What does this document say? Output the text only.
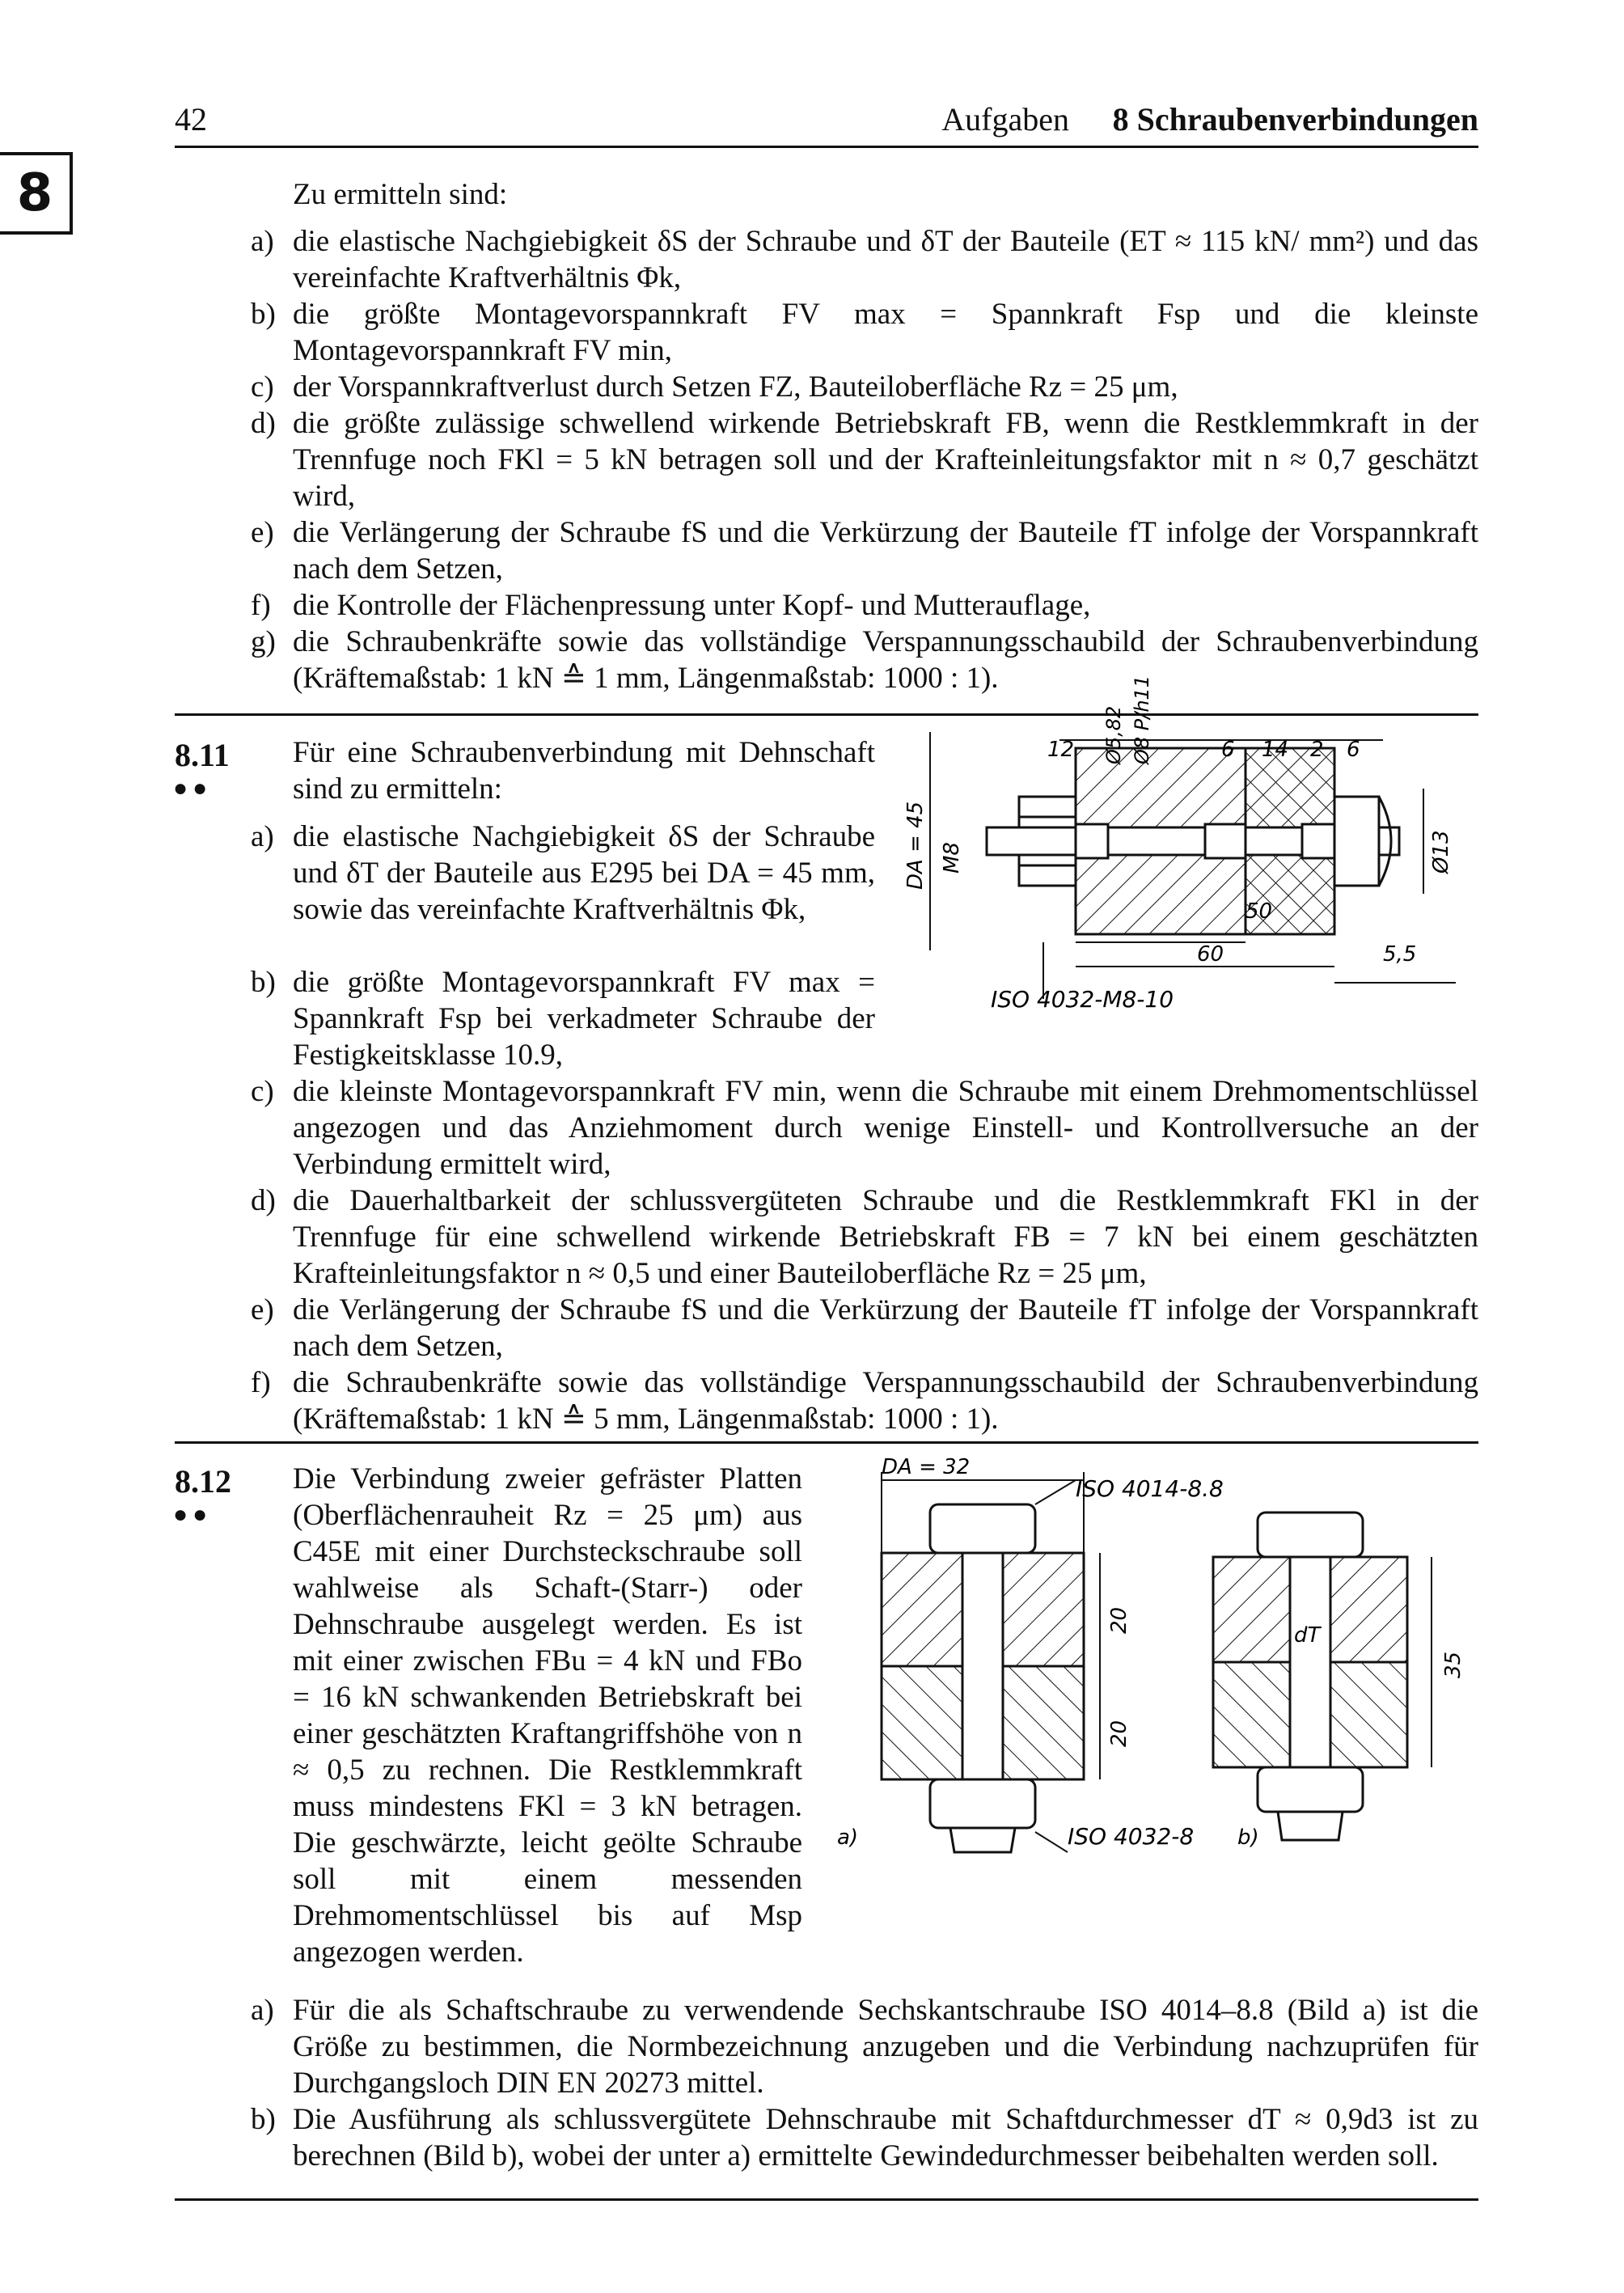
42	Aufgaben 8 Schraubenverbindungen
8	Zu ermitteln sind:
a) die elastische Nachgiebigkeit δS der Schraube und δT der Bauteile (ET ≈ 115 kN/ mm²) und das vereinfachte Kraftverhältnis Φk,
b) die größte Montagevorspannkraft FV max = Spannkraft Fsp und die kleinste Montagevorspannkraft FV min,
c) der Vorspannkraftverlust durch Setzen FZ, Bauteiloberfläche Rz = 25 μm,
d) die größte zulässige schwellend wirkende Betriebskraft FB, wenn die Restklemmkraft in der Trennfuge noch FKl = 5 kN betragen soll und der Krafteinleitungsfaktor mit n ≈ 0,7 geschätzt wird,
e) die Verlängerung der Schraube fS und die Verkürzung der Bauteile fT infolge der Vorspannkraft nach dem Setzen,
f) die Kontrolle der Flächenpressung unter Kopf- und Mutterauflage,
g) die Schraubenkräfte sowie das vollständige Verspannungsschaubild der Schraubenverbindung (Kräftemaßstab: 1 kN ≙ 1 mm, Längenmaßstab: 1000 : 1).
8.11
●●
Für eine Schraubenverbindung mit Dehnschaft sind zu ermitteln:
a) die elastische Nachgiebigkeit δS der Schraube und δT der Bauteile aus E295 bei DA = 45 mm, sowie das vereinfachte Kraftverhältnis Φk,
b) die größte Montagevorspannkraft FV max = Spannkraft Fsp bei verkadmeter Schraube der Festigkeitsklasse 10.9,
c) die kleinste Montagevorspannkraft FV min, wenn die Schraube mit einem Drehmomentschlüssel angezogen und das Anziehmoment durch wenige Einstell- und Kontrollversuche an der Verbindung ermittelt wird,
d) die Dauerhaltbarkeit der schlussvergüteten Schraube und die Restklemmkraft FKl in der Trennfuge für eine schwellend wirkende Betriebskraft FB = 7 kN bei einem geschätzten Krafteinleitungsfaktor n ≈ 0,5 und einer Bauteiloberfläche Rz = 25 μm,
e) die Verlängerung der Schraube fS und die Verkürzung der Bauteile fT infolge der Vorspannkraft nach dem Setzen,
f) die Schraubenkräfte sowie das vollständige Verspannungsschaubild der Schraubenverbindung (Kräftemaßstab: 1 kN ≙ 5 mm, Längenmaßstab: 1000 : 1).
12 Ø5,82 Ø8 P/h11	6 14 2 6
DA = 45 M8	Ø13
50
60	5,5
ISO 4032-M8-10
8.12
●●
Die Verbindung zweier gefräster Platten (Oberflächenrauheit Rz = 25 μm) aus C45E mit einer Durchsteckschraube soll wahlweise als Schaft-(Starr-) oder Dehnschraube ausgelegt werden. Es ist mit einer zwischen FBu = 4 kN und FBo = 16 kN schwankenden Betriebskraft bei einer geschätzten Kraftangriffshöhe von n ≈ 0,5 zu rechnen. Die Restklemmkraft muss mindestens FKl = 3 kN betragen. Die geschwärzte, leicht geölte Schraube soll mit einem messenden Drehmomentschlüssel bis auf Msp angezogen werden.
a) Für die als Schaftschraube zu verwendende Sechskantschraube ISO 4014–8.8 (Bild a) ist die Größe zu bestimmen, die Normbezeichnung anzugeben und die Verbindung nachzuprüfen für Durchgangsloch DIN EN 20273 mittel.
b) Die Ausführung als schlussvergütete Dehnschraube mit Schaftdurchmesser dT ≈ 0,9d3 ist zu berechnen (Bild b), wobei der unter a) ermittelte Gewindedurchmesser beibehalten werden soll.
DA = 32
ISO 4014-8.8
20
20
ISO 4032-8
a)	b)
dT
35
